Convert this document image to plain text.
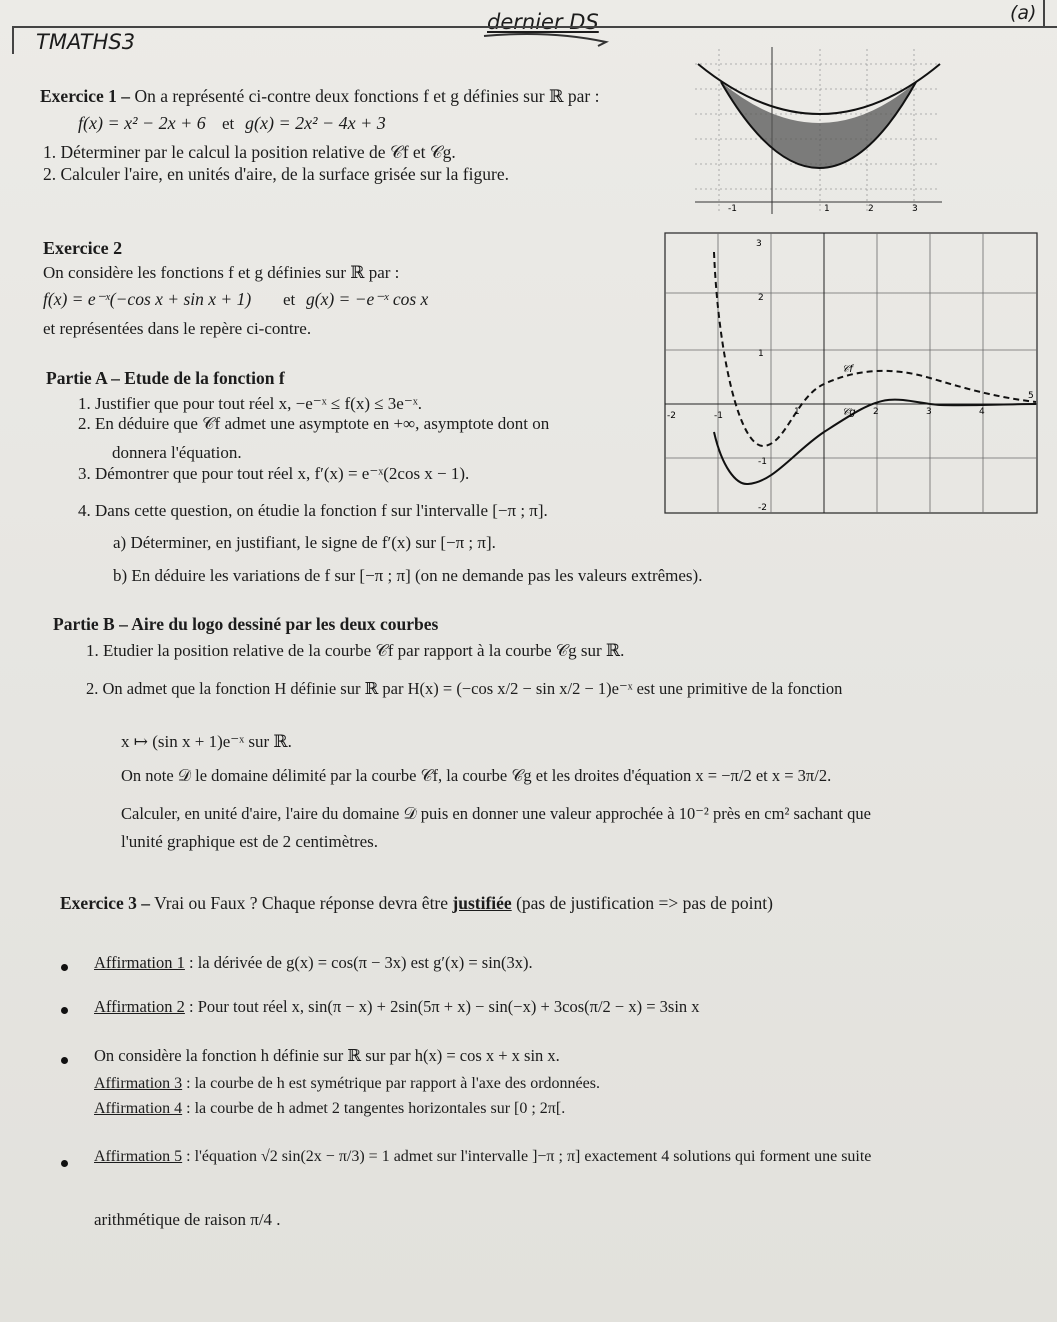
TMATHS3
dernier DS	(a)
Exercice 1 – On a représenté ci-contre deux fonctions f et g définies sur ℝ par :
f(x) = x² − 2x + 6 et g(x) = 2x² − 4x + 3
1. Déterminer par le calcul la position relative de 𝒞f et 𝒞g.
2. Calculer l'aire, en unités d'aire, de la surface grisée sur la figure.
-1	1	2	3
Exercice 2
On considère les fonctions f et g définies sur ℝ par :
f(x) = e⁻ˣ(−cos x + sin x + 1) et g(x) = −e⁻ˣ cos x
et représentées dans le repère ci-contre.
Partie A – Etude de la fonction f
1. Justifier que pour tout réel x, −e⁻ˣ ≤ f(x) ≤ 3e⁻ˣ.
2. En déduire que 𝒞f admet une asymptote en +∞, asymptote dont on
donnera l'équation.
3. Démontrer que pour tout réel x, f′(x) = e⁻ˣ(2cos x − 1).
4. Dans cette question, on étudie la fonction f sur l'intervalle [−π ; π].
a) Déterminer, en justifiant, le signe de f′(x) sur [−π ; π].
b) En déduire les variations de f sur [−π ; π] (on ne demande pas les valeurs extrêmes).
𝒞f
𝒞g
-2	-1	1	2	3	4
5
3
2
1
-1
-2
Partie B – Aire du logo dessiné par les deux courbes
1. Etudier la position relative de la courbe 𝒞f par rapport à la courbe 𝒞g sur ℝ.
2. On admet que la fonction H définie sur ℝ par H(x) = (−cos x/2 − sin x/2 − 1)e⁻ˣ est une primitive de la fonction
x ↦ (sin x + 1)e⁻ˣ sur ℝ.
On note 𝒟 le domaine délimité par la courbe 𝒞f, la courbe 𝒞g et les droites d'équation x = −π/2 et x = 3π/2.
Calculer, en unité d'aire, l'aire du domaine 𝒟 puis en donner une valeur approchée à 10⁻² près en cm² sachant que
l'unité graphique est de 2 centimètres.
Exercice 3 – Vrai ou Faux ? Chaque réponse devra être justifiée (pas de justification => pas de point)
Affirmation 1 : la dérivée de g(x) = cos(π − 3x) est g′(x) = sin(3x).
Affirmation 2 : Pour tout réel x, sin(π − x) + 2sin(5π + x) − sin(−x) + 3cos(π/2 − x) = 3sin x
On considère la fonction h définie sur ℝ sur par h(x) = cos x + x sin x.
Affirmation 3 : la courbe de h est symétrique par rapport à l'axe des ordonnées.
Affirmation 4 : la courbe de h admet 2 tangentes horizontales sur [0 ; 2π[.
Affirmation 5 : l'équation √2 sin(2x − π/3) = 1 admet sur l'intervalle ]−π ; π] exactement 4 solutions qui forment une suite
arithmétique de raison π/4 .
